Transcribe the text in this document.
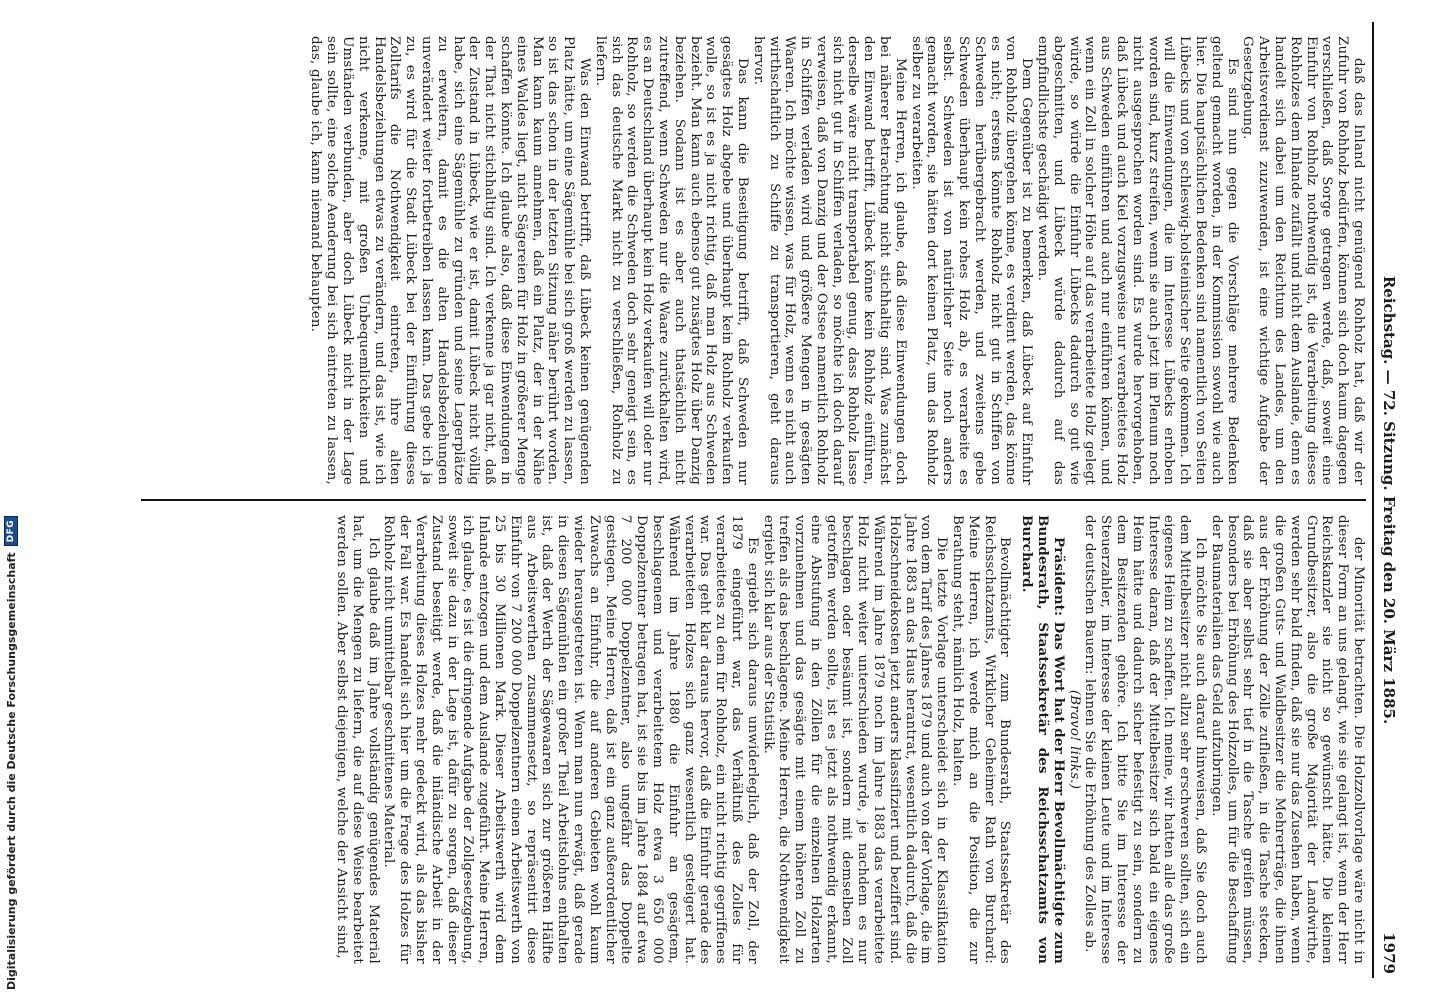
Digitalisierung gefördert durch die Deutsche Forschungsgemeinschaft
DFG	Reichstag. — 72. Sitzung. Freitag den 20. März 1885.
1979

daß das Inland nicht genügend Rohholz hat, daß wir der Zufuhr von Rohholz bedürfen, können sich doch kaum dagegen verschließen, daß Sorge getragen werde, daß, soweit eine Einfuhr von Rohholz nothwendig ist, die Verarbeitung dieses Rohholzes dem Inlande zufällt und nicht dem Auslande, denn es handelt sich dabei um den Reichtum des Landes, um den Arbeitsverdienst zuzuwenden, ist eine wichtige Aufgabe der Gesetzgebung.

Es sind nun gegen die Vorschläge mehrere Bedenken geltend gemacht worden, in der Kommission sowohl wie auch hier. Die hauptsächlichen Bedenken sind namentlich von Seiten Lübecks und von schleswig-holsteinischer Seite gekommen. Ich will die Einwendungen, die im Interesse Lübecks erhoben worden sind, kurz streifen, wenn sie auch jetzt im Plenum noch nicht ausgesprochen worden sind. Es wurde hervorgehoben, daß Lübeck und auch Kiel vorzugsweise nur verarbeitetes Holz aus Schweden einführen und auch nur einführen können, und wenn ein Zoll in solcher Höhe auf das verarbeitete Holz gelegt würde, so würde die Einfuhr Lübecks dadurch so gut wie abgeschnitten, und Lübeck würde dadurch auf das empfindlichste geschädigt werden.

Dem Gegenüber ist zu bemerken, daß Lübeck auf Einfuhr von Rohholz übergehen könne, es verdient werden, das könne es nicht; erstens könnte Rohholz nicht gut in Schiffen von Schweden herübergebracht werden, und zweitens gebe Schweden überhaupt kein rohes Holz ab, es verarbeite es selbst. Schweden ist von natürlicher Seite noch anders gemacht worden, sie hätten dort keinen Platz, um das Rohholz selber zu verarbeiten.

Meine Herren, ich glaube, daß diese Einwendungen doch bei näherer Betrachtung nicht stichhaltig sind. Was zunächst den Einwand betrifft, Lübeck könne kein Rohholz einführen, derselbe wäre nicht transportabel genug, dass Rohholz lasse sich nicht gut in Schiffen verladen, so möchte ich doch darauf verweisen, daß von Danzig und der Ostsee namentlich Rohholz in Schiffen verladen wird und größere Mengen in gesägten Waaren. Ich möchte wissen, was für Holz, wenn es nicht auch wirthschaftlich zu Schiffe zu transportieren, geht daraus hervor.

Das kann die Beseitigung betrifft, daß Schweden nur gesägtes Holz abgebe und überhaupt kein Rohholz verkaufen wolle, so ist es ja nicht richtig, daß man Holz aus Schweden bezieht. Man kann auch ebenso gut zusägtes Holz über Danzig beziehen. Sodann ist es aber auch thatsächlich nicht zutreffend, wenn Schweden nur die Waare zurückhalten wird, es an Deutschland überhaupt kein Holz verkaufen will oder nur Rohholz, so werden die Schweden doch sehr geneigt sein, es sich das deutsche Markt nicht zu verschließen, Rohholz zu liefern.

Was den Einwand betrifft, daß Lübeck keinen genügenden Platz hätte, um eine Sägemühle bei sich groß werden zu lassen, so ist das schon in der letzten Sitzung näher berührt worden. Man kann kaum annehmen, daß ein Platz, der in der Nähe eines Waldes liegt, nicht Sägereien für Holz in größerer Menge schaffen könnte. Ich glaube also, daß diese Einwendungen in der That nicht stichhaltig sind. Ich verkenne ja gar nicht, daß der Zustand in Lübeck, wie er ist, damit Lübeck nicht völlig habe, sich eine Sägemühle zu gründen und seine Lagerplätze zu erweitern, damit es die alten Handelsbeziehungen unverändert weiter fortbetreiben lassen kann. Das gebe ich ja zu, es wird für die Stadt Lübeck bei der Einführung dieses Zolltarifs die Nothwendigkeit eintreten, ihre alten Handelsbeziehungen etwas zu verändern, und das ist, wie ich nicht verkenne, mit großen Unbequemlichkeiten und Umständen verbunden, aber doch Lübeck nicht in der Lage sein sollte, eine solche Aenderung bei sich eintreten zu lassen, das, glaube ich, kann niemand behaupten.

der Minorität betrachten. Die Holzzollvorlage wäre nicht in dieser Form an uns gelangt, wie sie gelangt ist, wenn der Herr Reichskanzler sie nicht so gewünscht hätte. Die kleinen Grundbesitzer, also die große Majorität der Landwirthe, werden sehr bald finden, daß sie nur das Zusehen haben, wenn die großen Guts- und Waldbesitzer die Mehrerträge, die ihnen aus der Erhöhung der Zölle zufließen, in die Tasche stecken, daß sie aber selbst sehr tief in die Tasche greifen müssen, besonders bei Erhöhung des Holzzolles, um für die Beschaffung der Baumaterialien das Geld aufzubringen.

Ich möchte Sie auch darauf hinweisen, daß Sie doch auch dem Mittelbesitzer nicht allzu sehr erschweren sollten, sich ein eigenes Heim zu schaffen. Ich meine, wir hatten alle das große Interesse daran, daß der Mittelbesitzer sich bald ein eigenes Heim hätte und dadurch sicher befestigt zu sein, sondern zu dem Besitzenden gehöre. Ich bitte Sie im Interesse der Steuerzahler, im Interesse der kleinen Leute und im Interesse der deutschen Bauern: lehnen Sie die Erhöhung des Zolles ab.

(Bravo! links.)

Präsident: Das Wort hat der Herr Bevollmächtigte zum Bundesrath, Staatssekretär des Reichsschatzamts von Burchard.

Bevollmächtigter zum Bundesrath, Staatssekretär des Reichsschatzamts, Wirklicher Geheimer Rath von Burchard: Meine Herren, ich werde mich an die Position, die zur Berathung steht, nämlich Holz, halten.

Die letzte Vorlage unterscheidet sich in der Klassifikation von dem Tarif des Jahres 1879 und auch von der Vorlage, die im Jahre 1883 an das Haus herantrat, wesentlich dadurch, daß die Holzschneidekosten jetzt anders klassifiziert und beziffert sind. Während im Jahre 1879 noch im Jahre 1883 das verarbeitete Holz nicht weiter unterschieden wurde, je nachdem es nur beschlagen oder besäumt ist, sondern mit demselben Zoll getroffen werden sollte, ist es jetzt als nothwendig erkannt, eine Abstufung in den Zöllen für die einzelnen Holzarten vorzunehmen und das gesägte mit einem höheren Zoll zu treffen als das beschlagene. Meine Herren, die Nothwendigkeit ergiebt sich klar aus der Statistik.

Es ergiebt sich daraus unwiderleglich, daß der Zoll, der 1879 eingeführt war, das Verhältniß des Zolles für verarbeitetes zu dem für Rohholz, ein nicht richtig gegriffenes war. Das geht klar daraus hervor, daß die Einfuhr gerade des verarbeiteten Holzes sich ganz wesentlich gesteigert hat. Während im Jahre 1880 die Einfuhr an gesägtem, beschlagenem und verarbeitetem Holz etwa 3 650 000 Doppelzentner betragen hat, ist sie bis im Jahre 1884 auf etwa 7 200 000 Doppelzentner, also ungefähr das Doppelte gestiegen. Meine Herren, daß ist ein ganz außerordentlicher Zuwachs an Einfuhr, die auf anderen Gebieten wohl kaum wieder herausgetreten ist. Wenn man nun erwägt, daß gerade in diesen Sägemühlen ein großer Theil Arbeitslohns enthalten ist, daß der Werth der Sägewaaren sich zur größeren Hälfte aus Arbeitswerthen zusammensetzt, so repräsentirt diese Einfuhr von 7 200 000 Doppelzentnern einen Arbeitswerth von 25 bis 30 Millionen Mark. Dieser Arbeitswerth wird dem Inlande entzogen und dem Auslande zugeführt. Meine Herren, ich glaube, es ist die dringende Aufgabe der Zollgesetzgebung, soweit sie dazu in der Lage ist, dafür zu sorgen, daß dieser Zustand beseitigt werde, daß die inländische Arbeit in der Verarbeitung dieses Holzes mehr gedeckt wird, als das bisher der Fall war. Es handelt sich hier um die Frage des Holzes für Rohholz nicht unmittelbar geschnittenes Material.

Ich glaube daß im Jahre vollständig genügendes Material hat, um die Mengen zu liefern, die auf diese Weise bearbeitet werden sollen. Aber selbst diejenigen, welche der Ansicht sind,
